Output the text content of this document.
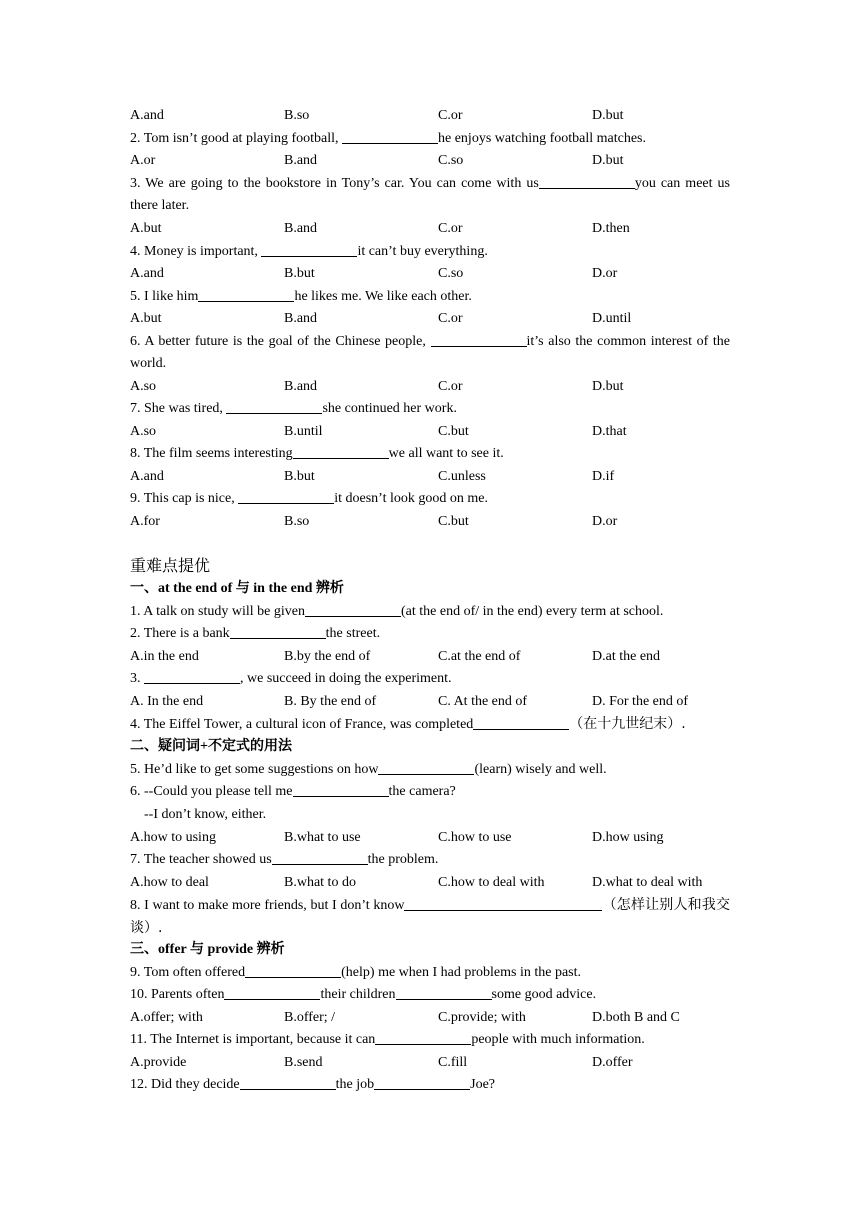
A.and	B.so	C.or	D.but
2. Tom isn’t good at playing football,	he enjoys watching football matches.
A.or	B.and	C.so	D.but
3. We are going to the bookstore in Tony’s car. You can come with us	you can meet us there later.
A.but	B.and	C.or	D.then
4. Money is important,	it can’t buy everything.
A.and	B.but	C.so	D.or
5. I like him	he likes me. We like each other.
A.but	B.and	C.or	D.until
6. A better future is the goal of the Chinese people,	it’s also the common interest of the world.
A.so	B.and	C.or	D.but
7. She was tired,	she continued her work.
A.so	B.until	C.but	D.that
8. The film seems interesting	we all want to see it.
A.and	B.but	C.unless	D.if
9. This cap is nice,	it doesn’t look good on me.
A.for	B.so	C.but	D.or
重难点提优
一、at the end of 与 in the end 辨析
1. A talk on study will be given	(at the end of/ in the end) every term at school.
2. There is a bank	the street.
A.in the end	B.by the end of	C.at the end of	D.at the end
3.	, we succeed in doing the experiment.
A. In the end	B. By the end of	C. At the end of	D. For the end of
4. The Eiffel Tower, a cultural icon of France, was completed	（在十九世纪末）.
二、疑问词+不定式的用法
5. He’d like to get some suggestions on how	(learn) wisely and well.
6. --Could you please tell me	the camera?
--I don’t know, either.
A.how to using	B.what to use	C.how to use	D.how using
7. The teacher showed us	the problem.
A.how to deal	B.what to do	C.how to deal with	D.what to deal with
8. I want to make more friends, but I don’t know	（怎样让别人和我交谈）.
三、offer 与 provide 辨析
9. Tom often offered	(help) me when I had problems in the past.
10. Parents often	their children	some good advice.
A.offer; with	B.offer; /	C.provide; with	D.both B and C
11. The Internet is important, because it can	people with much information.
A.provide	B.send	C.fill	D.offer
12. Did they decide	the job	Joe?
